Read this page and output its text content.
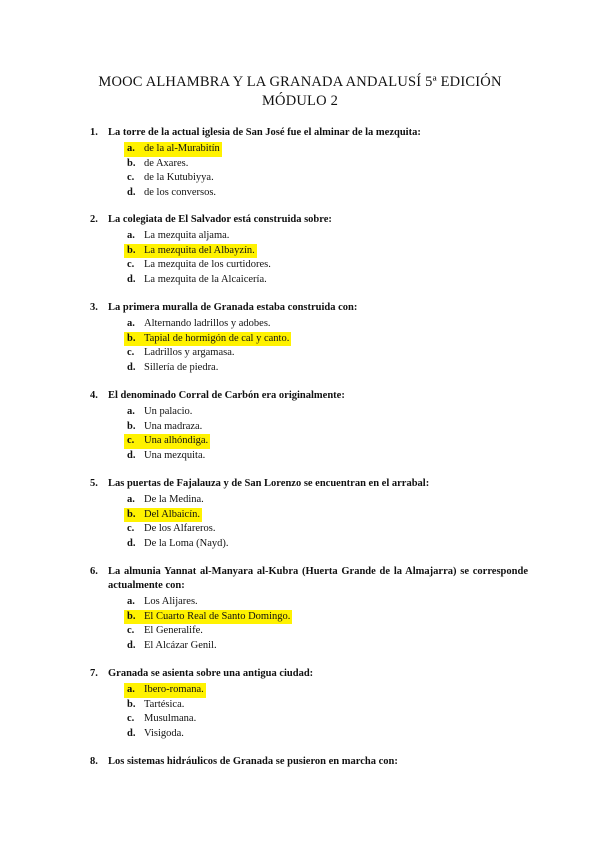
MOOC ALHAMBRA Y LA GRANADA ANDALUSÍ 5ª EDICIÓN
MÓDULO 2
1. La torre de la actual iglesia de San José fue el alminar de la mezquita:
a. de la al-Murabitín
b. de Axares.
c. de la Kutubiyya.
d. de los conversos.
2. La colegiata de El Salvador está construida sobre:
a. La mezquita aljama.
b. La mezquita del Albayzín.
c. La mezquita de los curtidores.
d. La mezquita de la Alcaicería.
3. La primera muralla de Granada estaba construida con:
a. Alternando ladrillos y adobes.
b. Tapial de hormigón de cal y canto.
c. Ladrillos y argamasa.
d. Sillería de piedra.
4. El denominado Corral de Carbón era originalmente:
a. Un palacio.
b. Una madraza.
c. Una alhóndiga.
d. Una mezquita.
5. Las puertas de Fajalauza y de San Lorenzo se encuentran en el arrabal:
a. De la Medina.
b. Del Albaicín.
c. De los Alfareros.
d. De la Loma (Nayd).
6. La almunia Yannat al-Manyara al-Kubra (Huerta Grande de la Almajarra) se corresponde actualmente con:
a. Los Alijares.
b. El Cuarto Real de Santo Domingo.
c. El Generalife.
d. El Alcázar Genil.
7. Granada se asienta sobre una antigua ciudad:
a. Ibero-romana.
b. Tartésica.
c. Musulmana.
d. Visigoda.
8. Los sistemas hidráulicos de Granada se pusieron en marcha con:
